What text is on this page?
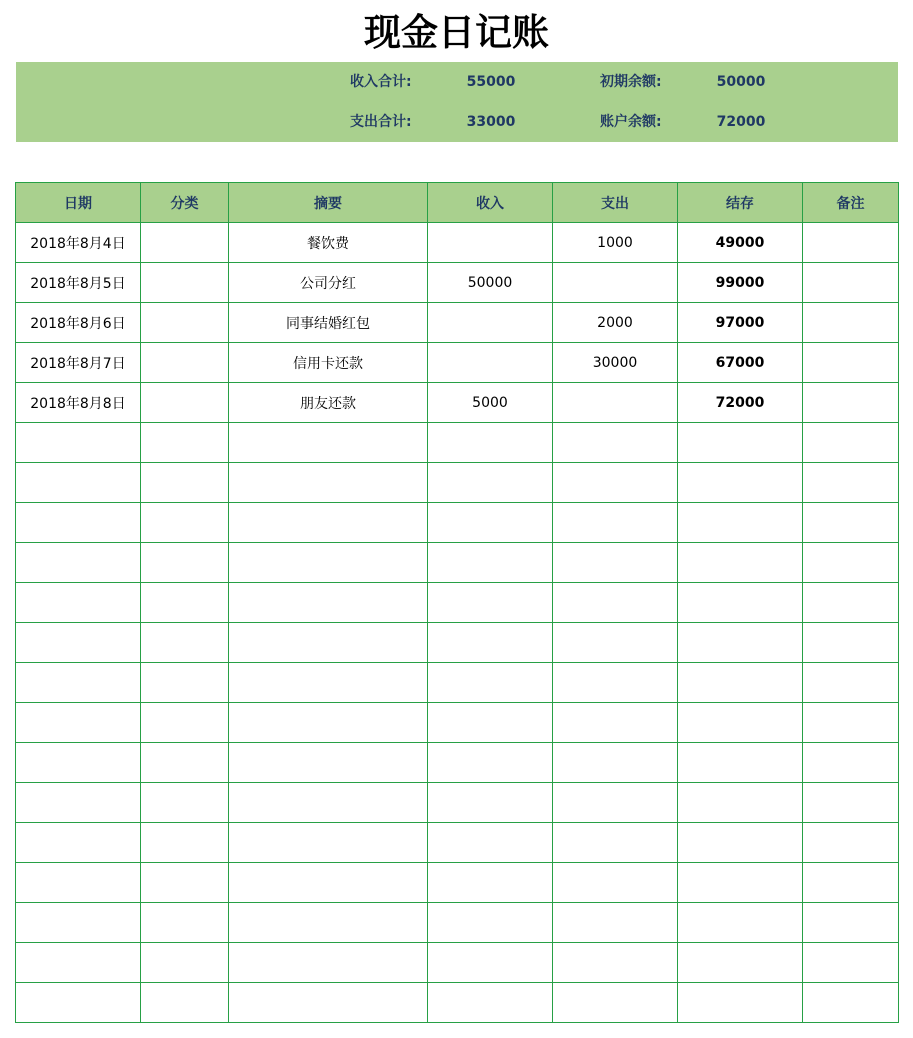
现金日记账
收入合计:	55000	初期余额:	50000
支出合计:	33000	账户余额:	72000
日期	分类	摘要	收入	支出	结存	备注
2018年8月4日		餐饮费		1000	49000	
2018年8月5日		公司分红	50000		99000	
2018年8月6日		同事结婚红包		2000	97000	
2018年8月7日		信用卡还款		30000	67000	
2018年8月8日		朋友还款	5000		72000	
